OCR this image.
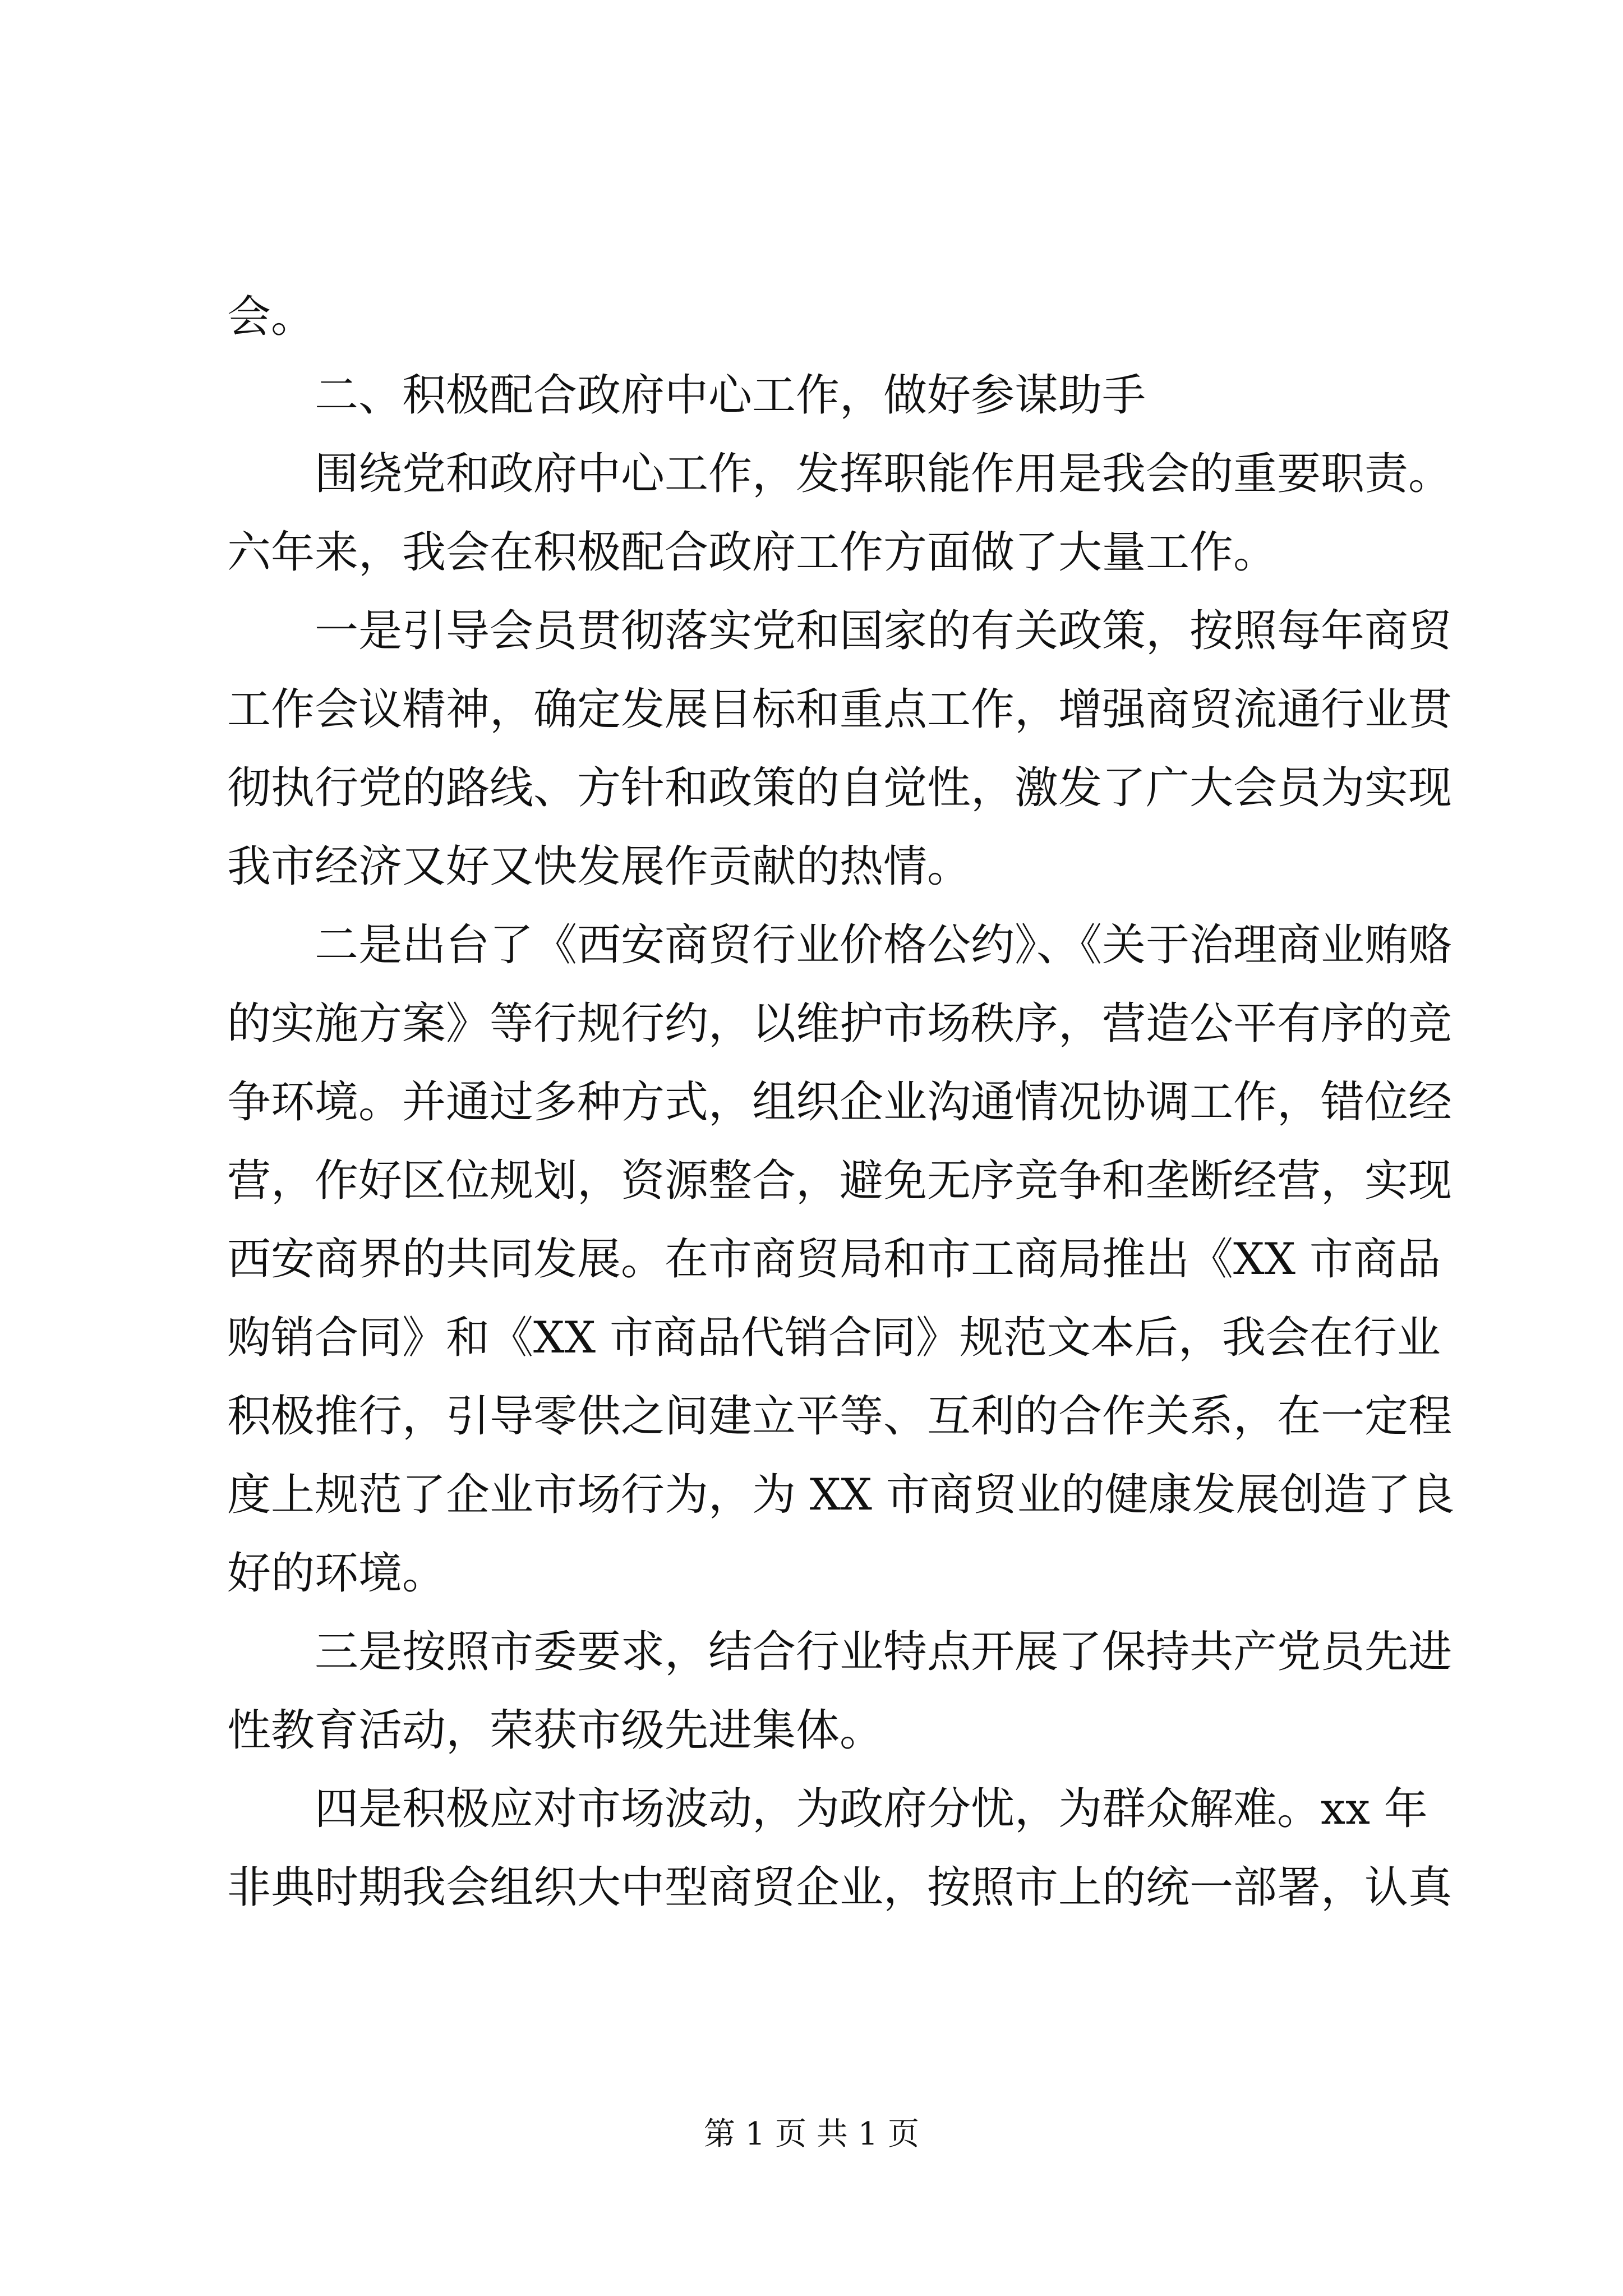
会。
　　二、积极配合政府中心工作，做好参谋助手
　　围绕党和政府中心工作，发挥职能作用是我会的重要职责。
六年来，我会在积极配合政府工作方面做了大量工作。
　　一是引导会员贯彻落实党和国家的有关政策，按照每年商贸
工作会议精神，确定发展目标和重点工作，增强商贸流通行业贯
彻执行党的路线、方针和政策的自觉性，激发了广大会员为实现
我市经济又好又快发展作贡献的热情。
　　二是出台了《西安商贸行业价格公约》、《关于治理商业贿赂
的实施方案》等行规行约，以维护市场秩序，营造公平有序的竞
争环境。并通过多种方式，组织企业沟通情况协调工作，错位经
营，作好区位规划，资源整合，避免无序竞争和垄断经营，实现
西安商界的共同发展。在市商贸局和市工商局推出《XX 市商品
购销合同》和《XX 市商品代销合同》规范文本后，我会在行业
积极推行，引导零供之间建立平等、互利的合作关系，在一定程
度上规范了企业市场行为，为 XX 市商贸业的健康发展创造了良
好的环境。
　　三是按照市委要求，结合行业特点开展了保持共产党员先进
性教育活动，荣获市级先进集体。
　　四是积极应对市场波动，为政府分忧，为群众解难。xx 年
非典时期我会组织大中型商贸企业，按照市上的统一部署，认真
第 1 页 共 1 页
